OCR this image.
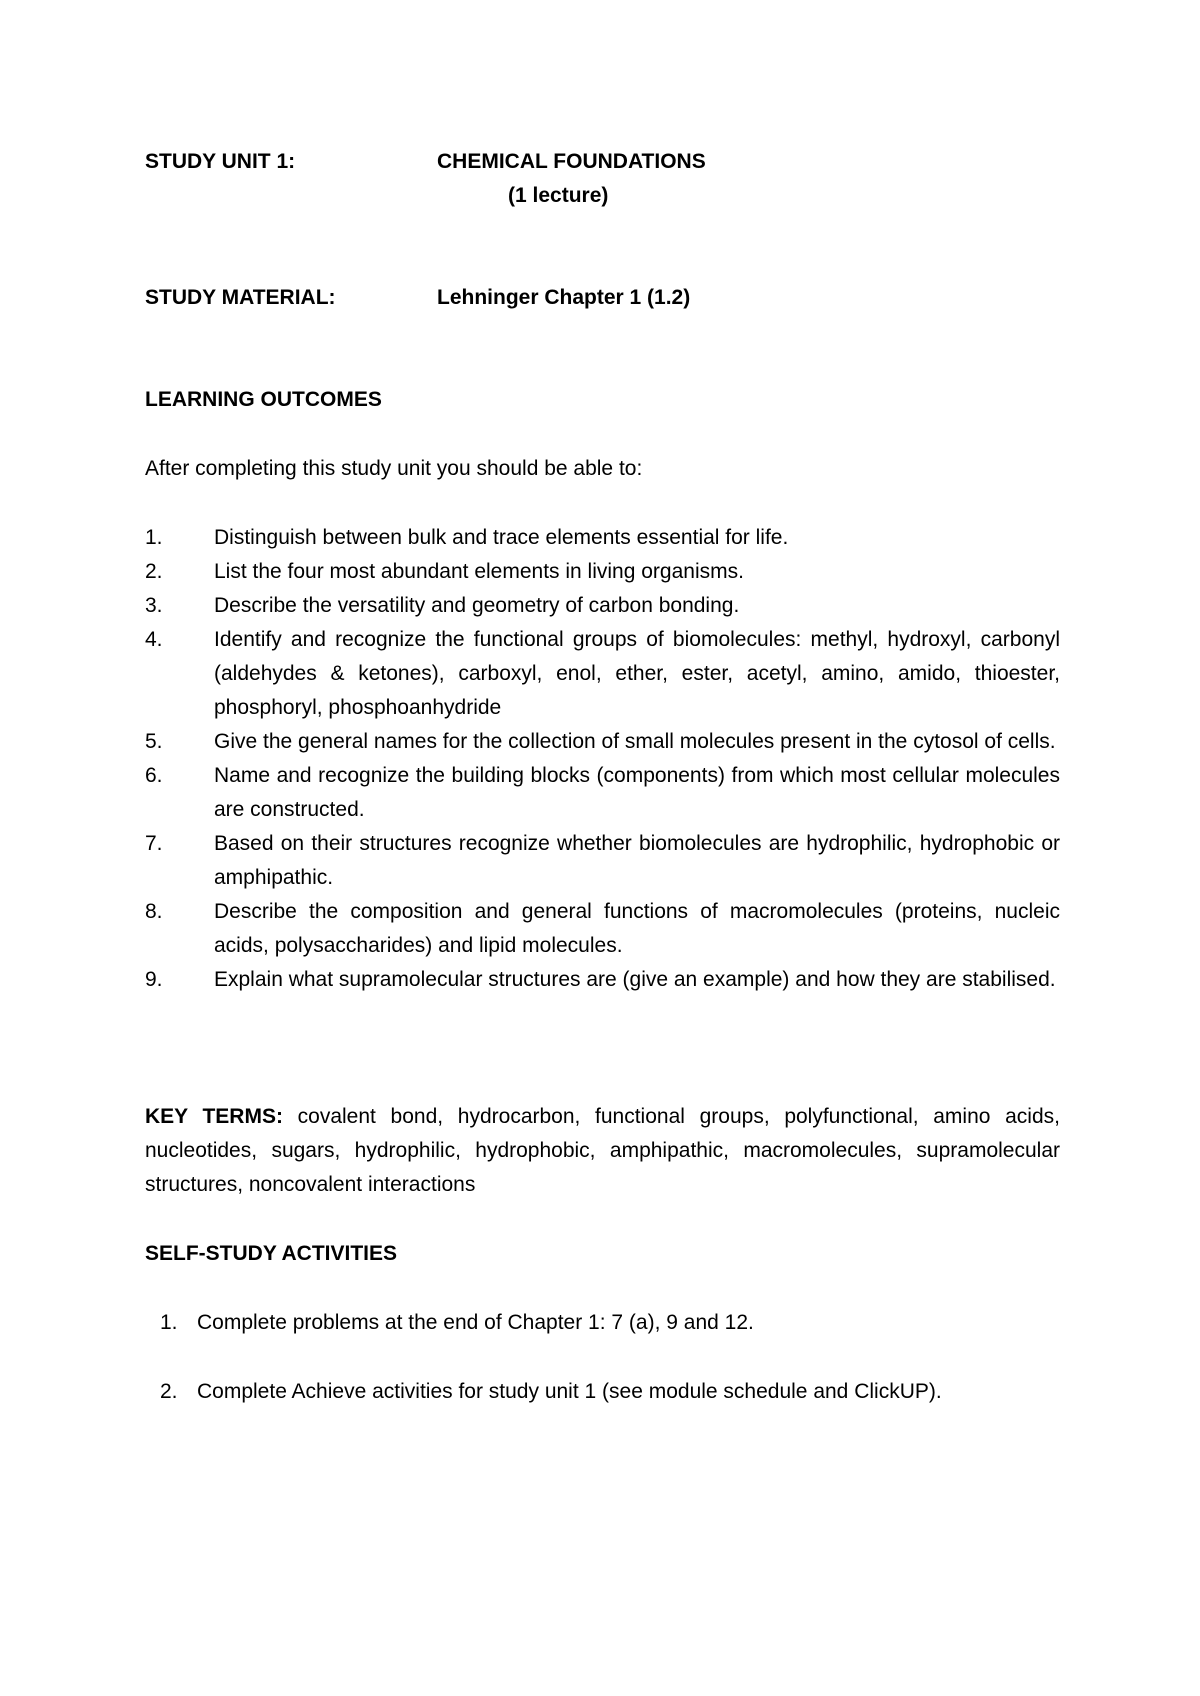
STUDY UNIT 1:	CHEMICAL FOUNDATIONS
(1 lecture)
STUDY MATERIAL:	Lehninger Chapter 1 (1.2)
LEARNING OUTCOMES
After completing this study unit you should be able to:
1.	Distinguish between bulk and trace elements essential for life.
2.	List the four most abundant elements in living organisms.
3.	Describe the versatility and geometry of carbon bonding.
4.	Identify and recognize the functional groups of biomolecules: methyl, hydroxyl, carbonyl (aldehydes & ketones), carboxyl, enol, ether, ester, acetyl, amino, amido, thioester, phosphoryl, phosphoanhydride
5.	Give the general names for the collection of small molecules present in the cytosol of cells.
6.	Name and recognize the building blocks (components) from which most cellular molecules are constructed.
7.	Based on their structures recognize whether biomolecules are hydrophilic, hydrophobic or amphipathic.
8.	Describe the composition and general functions of macromolecules (proteins, nucleic acids, polysaccharides) and lipid molecules.
9.	Explain what supramolecular structures are (give an example) and how they are stabilised.
KEY TERMS: covalent bond, hydrocarbon, functional groups, polyfunctional, amino acids, nucleotides, sugars, hydrophilic, hydrophobic, amphipathic, macromolecules, supramolecular structures, noncovalent interactions
SELF-STUDY ACTIVITIES
1. Complete problems at the end of Chapter 1: 7 (a), 9 and 12.
2. Complete Achieve activities for study unit 1 (see module schedule and ClickUP).
